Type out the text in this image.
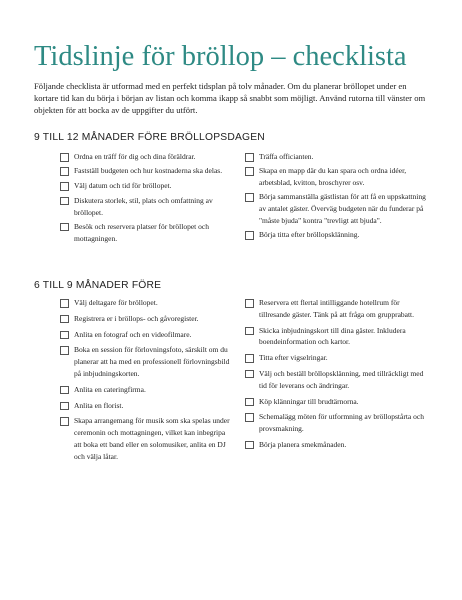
Tidslinje för bröllop – checklista
Följande checklista är utformad med en perfekt tidsplan på tolv månader. Om du planerar bröllopet under en kortare tid kan du börja i början av listan och komma ikapp så snabbt som möjligt. Använd rutorna till vänster om objekten för att bocka av de uppgifter du utfört.
9 TILL 12 MÅNADER FÖRE BRÖLLOPSDAGEN
Ordna en träff för dig och dina föräldrar.
Fastställ budgeten och hur kostnaderna ska delas.
Välj datum och tid för bröllopet.
Diskutera storlek, stil, plats och omfattning av bröllopet.
Besök och reservera platser för bröllopet och mottagningen.
Träffa officianten.
Skapa en mapp där du kan spara och ordna idéer, arbetsblad, kvitton, broschyrer osv.
Börja sammanställa gästlistan för att få en uppskattning av antalet gäster. Överväg budgeten när du funderar på "måste bjuda" kontra "trevligt att bjuda".
Börja titta efter bröllopsklänning.
6 TILL 9 MÅNADER FÖRE
Välj deltagare för bröllopet.
Registrera er i bröllops- och gåvoregister.
Anlita en fotograf och en videofilmare.
Boka en session för förlovningsfoto, särskilt om du planerar att ha med en professionell förlovningsbild på inbjudningskorten.
Anlita en cateringfirma.
Anlita en florist.
Skapa arrangemang för musik som ska spelas under ceremonin och mottagningen, vilket kan inbegripa att boka ett band eller en solomusiker, anlita en DJ och välja låtar.
Reservera ett flertal intilliggande hotellrum för tillresande gäster. Tänk på att fråga om grupprabatt.
Skicka inbjudningskort till dina gäster. Inkludera boendeinformation och kartor.
Titta efter vigselringar.
Välj och beställ bröllopsklänning, med tillräckligt med tid för leverans och ändringar.
Köp klänningar till brudtärnorna.
Schemalägg möten för utformning av bröllopstårta och provsmakning.
Börja planera smekmånaden.
